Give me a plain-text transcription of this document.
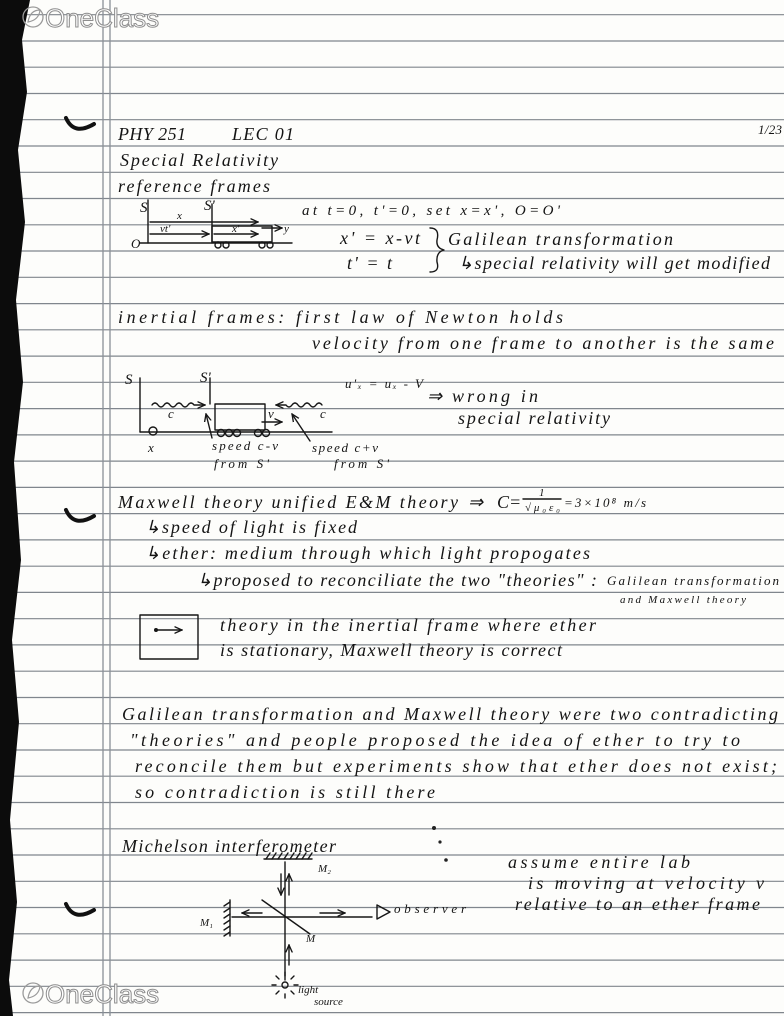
OneClass
OneClass
PHY 251	LEC 01	1/23
Special Relativity
reference frames
S	S'
x
vt'	x'	y
O
at t=0, t'=0, set x=x', O=O'
x' = x-vt
t' = t
Galilean transformation
↳special relativity will get modified
inertial frames: first law of Newton holds
velocity from one frame to another is the same
x
S	S'
c	v	c
speed c-v
from S'
speed c+v
from S'
u'ₓ = uₓ - V
⇒ wrong in
special relativity
Maxwell theory unified E&M theory ⇒ C= 1
√μ₀ε₀ =3×10⁸ m/s
↳speed of light is fixed
↳ether: medium through which light propogates
↳proposed to reconciliate the two "theories" : Galilean transformation
and Maxwell theory
theory in the inertial frame where ether
is stationary, Maxwell theory is correct
Galilean transformation and Maxwell theory were two contradicting
"theories" and people proposed the idea of ether to try to
reconcile them but experiments show that ether does not exist;
so contradiction is still there
Michelson interferometer
assume entire lab
is moving at velocity v
relative to an ether frame
M₂
M₁
M
observer
light
source
